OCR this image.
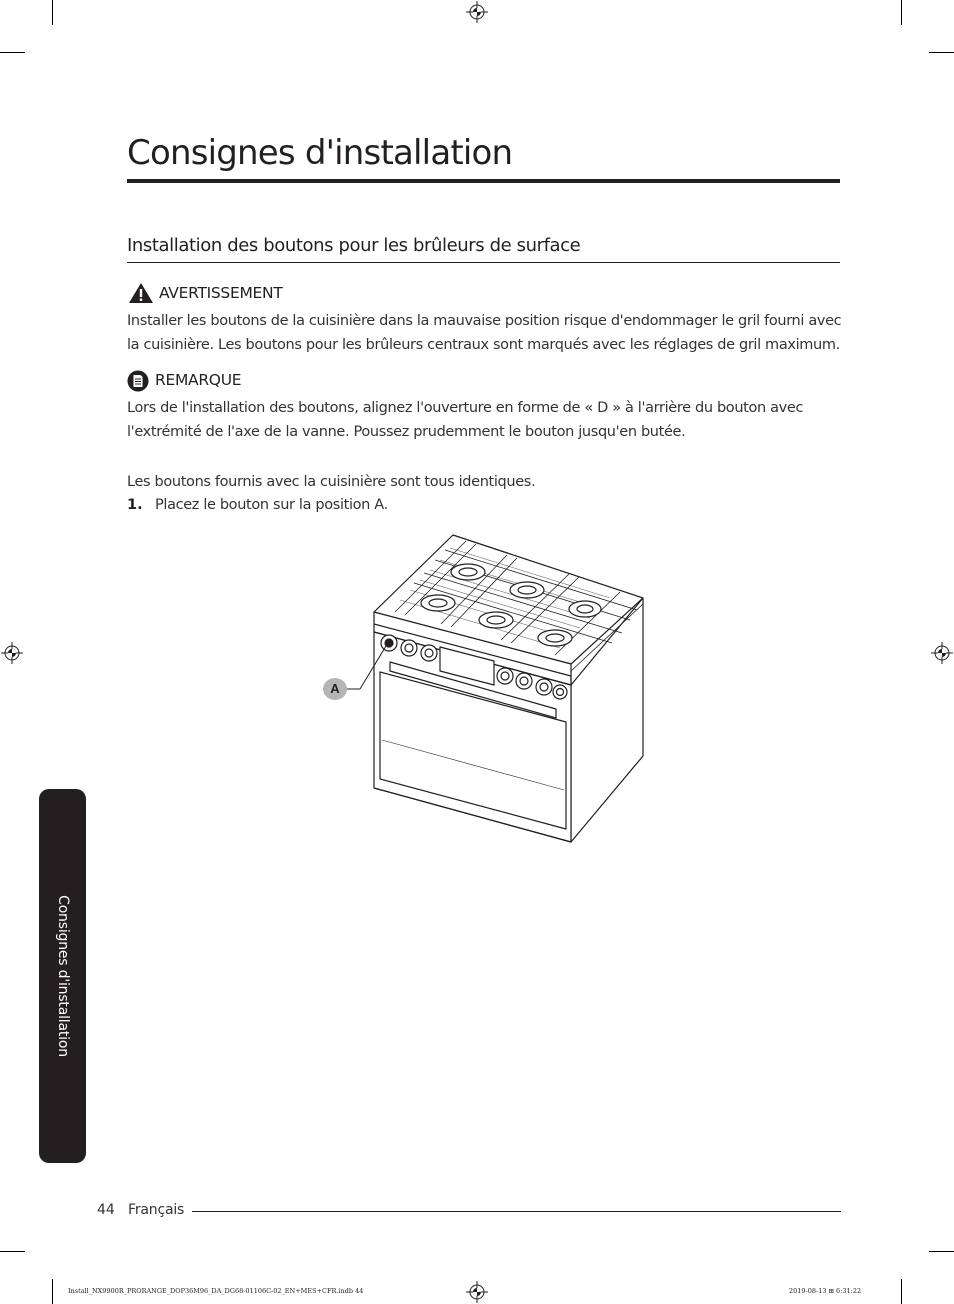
Consignes d'installation
Installation des boutons pour les brûleurs de surface
AVERTISSEMENT
Installer les boutons de la cuisinière dans la mauvaise position risque d'endommager le gril fourni avec
la cuisinière. Les boutons pour les brûleurs centraux sont marqués avec les réglages de gril maximum.
REMARQUE
Lors de l'installation des boutons, alignez l'ouverture en forme de « D » à l'arrière du bouton avec
l'extrémité de l'axe de la vanne. Poussez prudemment le bouton jusqu'en butée.
Les boutons fournis avec la cuisinière sont tous identiques.
1. Placez le bouton sur la position A.
A
Consignes d'installation
44 Français
Install_NX9900R_PRORANGE_DOP36M96_DA_DG68-01106C-02_EN+MES+CFR.indb 44	2019-08-13 ⊞ 6:31:22
